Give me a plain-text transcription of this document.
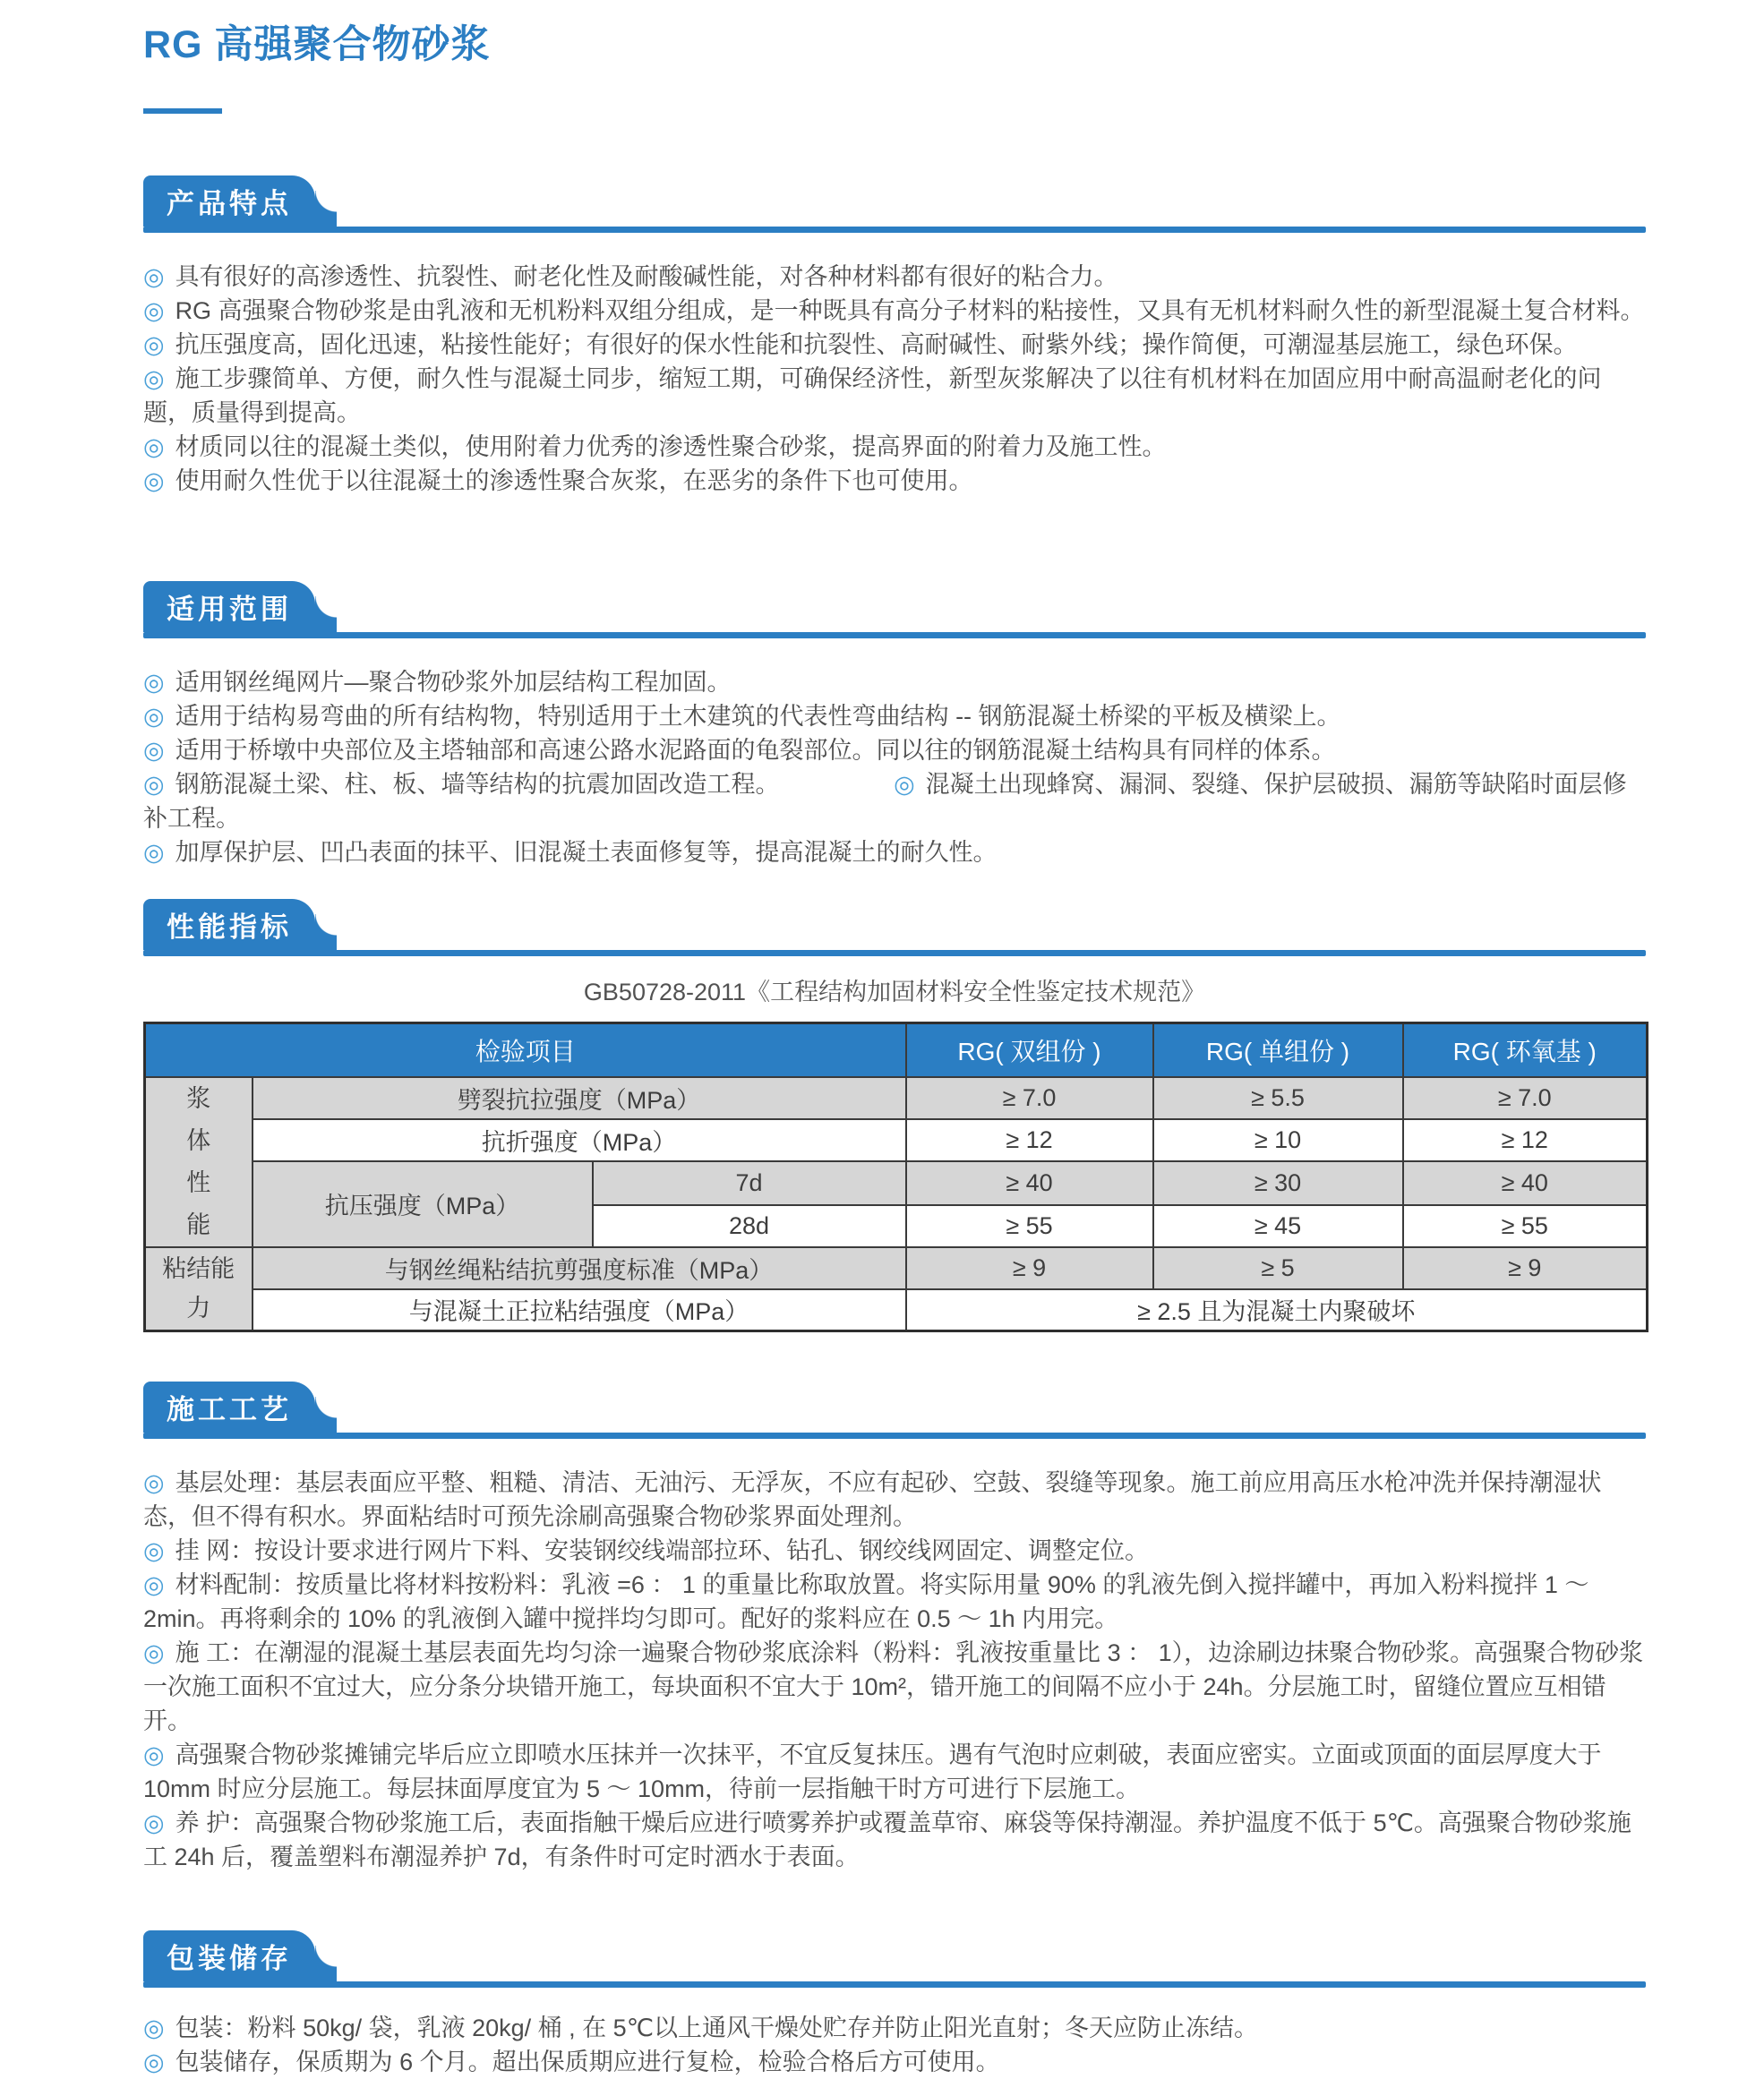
RG 高强聚合物砂浆
产品特点

◎ 具有很好的高渗透性、抗裂性、耐老化性及耐酸碱性能，对各种材料都有很好的粘合力。

◎ RG 高强聚合物砂浆是由乳液和无机粉料双组分组成，是一种既具有高分子材料的粘接性，又具有无机材料耐久性的新型混凝土复合材料。

◎ 抗压强度高，固化迅速，粘接性能好；有很好的保水性能和抗裂性、高耐碱性、耐紫外线；操作简便，可潮湿基层施工，绿色环保。

◎ 施工步骤简单、方便，耐久性与混凝土同步，缩短工期，可确保经济性，新型灰浆解决了以往有机材料在加固应用中耐高温耐老化的问题，质量得到提高。

◎ 材质同以往的混凝土类似，使用附着力优秀的渗透性聚合砂浆，提高界面的附着力及施工性。

◎ 使用耐久性优于以往混凝土的渗透性聚合灰浆，在恶劣的条件下也可使用。

适用范围

◎ 适用钢丝绳网片—聚合物砂浆外加层结构工程加固。

◎ 适用于结构易弯曲的所有结构物，特别适用于土木建筑的代表性弯曲结构 -- 钢筋混凝土桥梁的平板及横梁上。

◎ 适用于桥墩中央部位及主塔轴部和高速公路水泥路面的龟裂部位。同以往的钢筋混凝土结构具有同样的体系。

◎ 钢筋混凝土梁、柱、板、墙等结构的抗震加固改造工程。	◎ 混凝土出现蜂窝、漏洞、裂缝、保护层破损、漏筋等缺陷时面层修补工程。

◎ 加厚保护层、凹凸表面的抹平、旧混凝土表面修复等，提高混凝土的耐久性。

性能指标
GB50728-2011《工程结构加固材料安全性鉴定技术规范》
检验项目			RG( 双组份 )	RG( 单组份 )	RG( 环氧基 )

浆体性能	劈裂抗拉强度（MPa）		≥ 7.0	≥ 5.5	≥ 7.0
	抗折强度（MPa）		≥ 12	≥ 10	≥ 12
	抗压强度（MPa）	7d	≥ 40	≥ 30	≥ 40
		28d	≥ 55	≥ 45	≥ 55

粘结能力	与钢丝绳粘结抗剪强度标准（MPa）		≥ 9	≥ 5	≥ 9
	与混凝土正拉粘结强度（MPa）		≥ 2.5 且为混凝土内聚破坏		
施工工艺

◎ 基层处理：基层表面应平整、粗糙、清洁、无油污、无浮灰，不应有起砂、空鼓、裂缝等现象。施工前应用高压水枪冲洗并保持潮湿状态，但不得有积水。界面粘结时可预先涂刷高强聚合物砂浆界面处理剂。

◎ 挂 网：按设计要求进行网片下料、安装钢绞线端部拉环、钻孔、钢绞线网固定、调整定位。

◎ 材料配制：按质量比将材料按粉料：乳液 =6 ： 1 的重量比称取放置。将实际用量 90% 的乳液先倒入搅拌罐中，再加入粉料搅拌 1 ～ 2min。再将剩余的 10% 的乳液倒入罐中搅拌均匀即可。配好的浆料应在 0.5 ～ 1h 内用完。

◎ 施 工：在潮湿的混凝土基层表面先均匀涂一遍聚合物砂浆底涂料（粉料：乳液按重量比 3 ： 1），边涂刷边抹聚合物砂浆。高强聚合物砂浆一次施工面积不宜过大，应分条分块错开施工，每块面积不宜大于 10m²，错开施工的间隔不应小于 24h。分层施工时，留缝位置应互相错开。

◎ 高强聚合物砂浆摊铺完毕后应立即喷水压抹并一次抹平，不宜反复抹压。遇有气泡时应刺破，表面应密实。立面或顶面的面层厚度大于 10mm 时应分层施工。每层抹面厚度宜为 5 ～ 10mm，待前一层指触干时方可进行下层施工。

◎ 养 护：高强聚合物砂浆施工后，表面指触干燥后应进行喷雾养护或覆盖草帘、麻袋等保持潮湿。养护温度不低于 5℃。高强聚合物砂浆施工 24h 后，覆盖塑料布潮湿养护 7d，有条件时可定时洒水于表面。

包装储存

◎ 包装：粉料 50kg/ 袋，乳液 20kg/ 桶 , 在 5℃以上通风干燥处贮存并防止阳光直射；冬天应防止冻结。

◎ 包装储存，保质期为 6 个月。超出保质期应进行复检，检验合格后方可使用。
